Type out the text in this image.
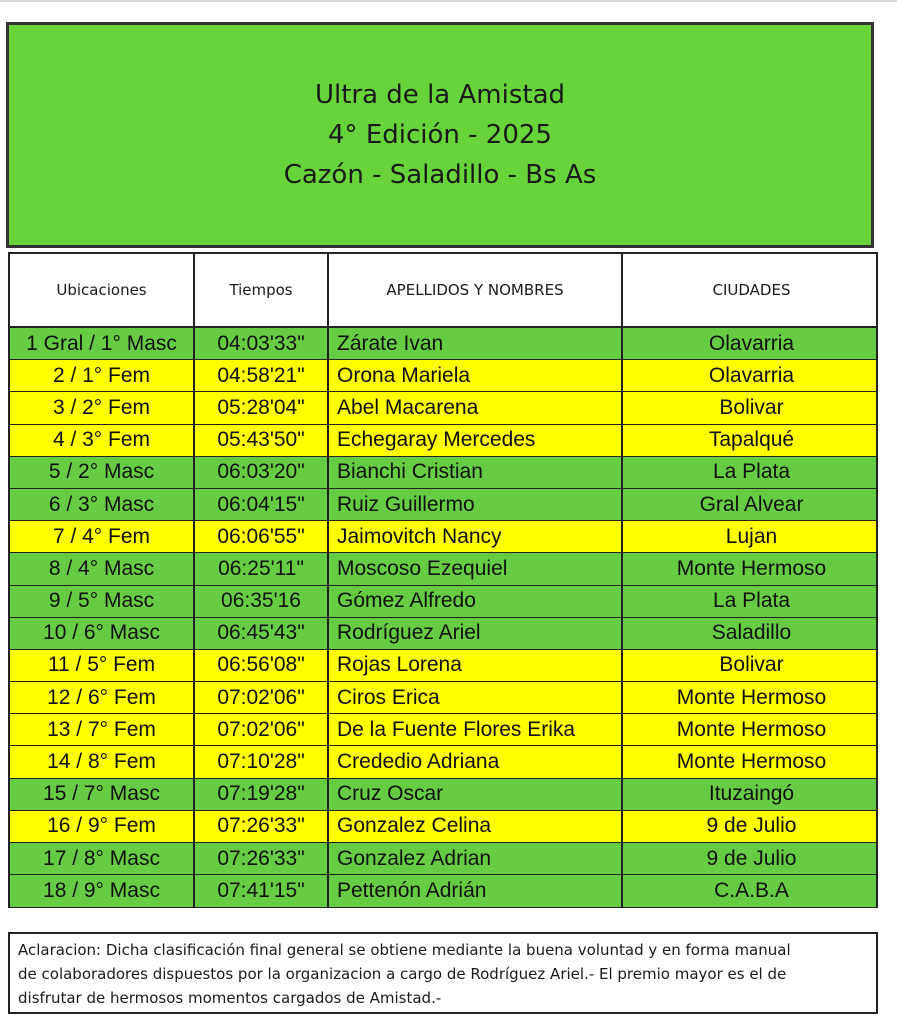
Ultra de la Amistad
4° Edición - 2025
Cazón - Saladillo - Bs As
Ubicaciones	Tiempos	APELLIDOS Y NOMBRES	CIUDADES
1 Gral / 1° Masc	04:03'33"	Zárate Ivan	Olavarria
2 / 1° Fem	04:58'21"	Orona Mariela	Olavarria
3 / 2° Fem	05:28'04"	Abel Macarena	Bolivar
4 / 3° Fem	05:43'50"	Echegaray Mercedes	Tapalqué
5 / 2° Masc	06:03'20"	Bianchi Cristian	La Plata
6 / 3° Masc	06:04'15"	Ruiz Guillermo	Gral Alvear
7 / 4° Fem	06:06'55"	Jaimovitch Nancy	Lujan
8 / 4° Masc	06:25'11"	Moscoso Ezequiel	Monte Hermoso
9 / 5° Masc	06:35'16	Gómez Alfredo	La Plata
10 / 6° Masc	06:45'43"	Rodríguez Ariel	Saladillo
11 / 5° Fem	06:56'08"	Rojas Lorena	Bolivar
12 / 6° Fem	07:02'06"	Ciros Erica	Monte Hermoso
13 / 7° Fem	07:02'06"	De la Fuente Flores Erika	Monte Hermoso
14 / 8° Fem	07:10'28"	Crededio Adriana	Monte Hermoso
15 / 7° Masc	07:19'28"	Cruz Oscar	Ituzaingó
16 / 9° Fem	07:26'33"	Gonzalez Celina	9 de Julio
17 / 8° Masc	07:26'33"	Gonzalez Adrian	9 de Julio
18 / 9° Masc	07:41'15"	Pettenón Adrián	C.A.B.A
Aclaracion: Dicha clasificación final general se obtiene mediante la buena voluntad y en forma manual
de colaboradores dispuestos por la organizacion a cargo de Rodríguez Ariel.- El premio mayor es el de
disfrutar de hermosos momentos cargados de Amistad.-
